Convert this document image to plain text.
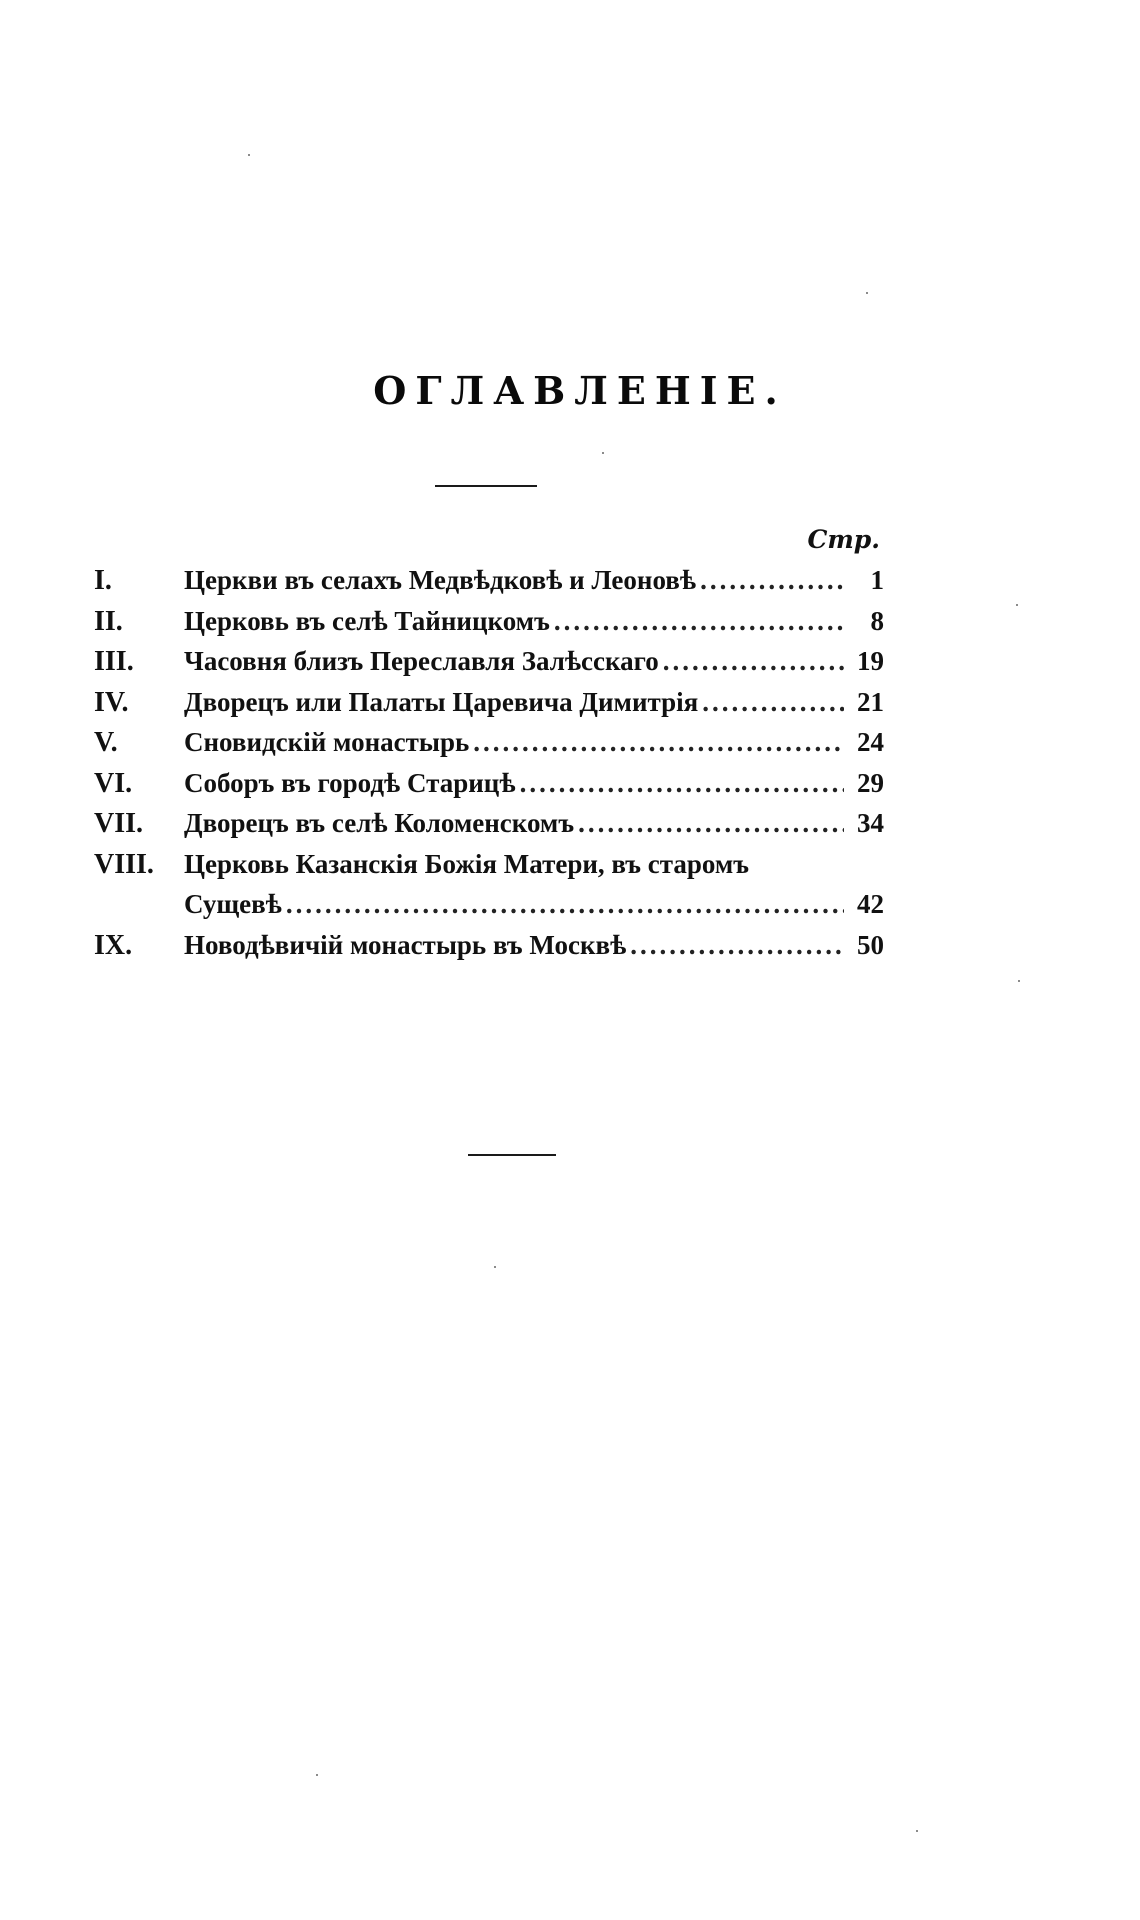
ОГЛАВЛЕНIЕ.
Стр.
I.	Церкви въ селахъ Медвѣдковѣ и Леоновѣ .....	1
II.	Церковь въ селѣ Тайницкомъ .....	8
III.	Часовня близъ Переславля Залѣсскаго .....	19
IV.	Дворецъ или Палаты Царевича Димитрiя .....	21
V.	Сновидскiй монастырь .....	24
VI.	Соборъ въ городѣ Старицѣ .....	29
VII.	Дворецъ въ селѣ Коломенскомъ .....	34
VIII.	Церковь Казанскiя Божiя Матери, въ старомъ
Сущевѣ .....	42
IX.	Новодѣвичiй монастырь въ Москвѣ .....	50
